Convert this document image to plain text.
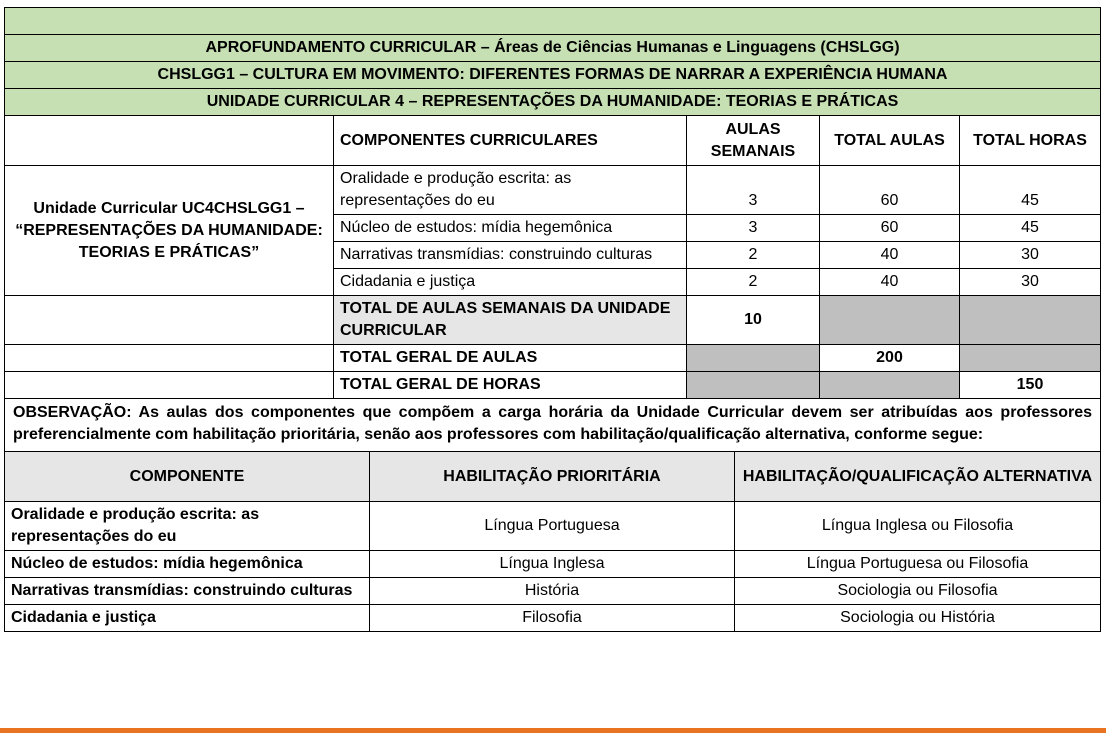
APROFUNDAMENTO CURRICULAR – Áreas de Ciências Humanas e Linguagens (CHSLGG)				
CHSLGG1 – CULTURA EM MOVIMENTO: DIFERENTES FORMAS DE NARRAR A EXPERIÊNCIA HUMANA				
UNIDADE CURRICULAR 4 – REPRESENTAÇÕES DA HUMANIDADE: TEORIAS E PRÁTICAS				
	COMPONENTES CURRICULARES	AULAS SEMANAIS	TOTAL AULAS	TOTAL HORAS
Unidade Curricular UC4CHSLGG1 – “REPRESENTAÇÕES DA HUMANIDADE: TEORIAS E PRÁTICAS”	Oralidade e produção escrita: as representações do eu	3	60	45
	Núcleo de estudos: mídia hegemônica	3	60	45
	Narrativas transmídias: construindo culturas	2	40	30
	Cidadania e justiça	2	40	30
	TOTAL DE AULAS SEMANAIS DA UNIDADE CURRICULAR	10		
	TOTAL GERAL DE AULAS		200	
	TOTAL GERAL DE HORAS			150
OBSERVAÇÃO: As aulas dos componentes que compõem a carga horária da Unidade Curricular devem ser atribuídas aos professores preferencialmente com habilitação prioritária, senão aos professores com habilitação/qualificação alternativa, conforme segue:				
COMPONENTE	HABILITAÇÃO PRIORITÁRIA	HABILITAÇÃO/QUALIFICAÇÃO ALTERNATIVA
Oralidade e produção escrita: as representações do eu	Língua Portuguesa	Língua Inglesa ou Filosofia
Núcleo de estudos: mídia hegemônica	Língua Inglesa	Língua Portuguesa ou Filosofia
Narrativas transmídias: construindo culturas	História	Sociologia ou Filosofia
Cidadania e justiça	Filosofia	Sociologia ou História
